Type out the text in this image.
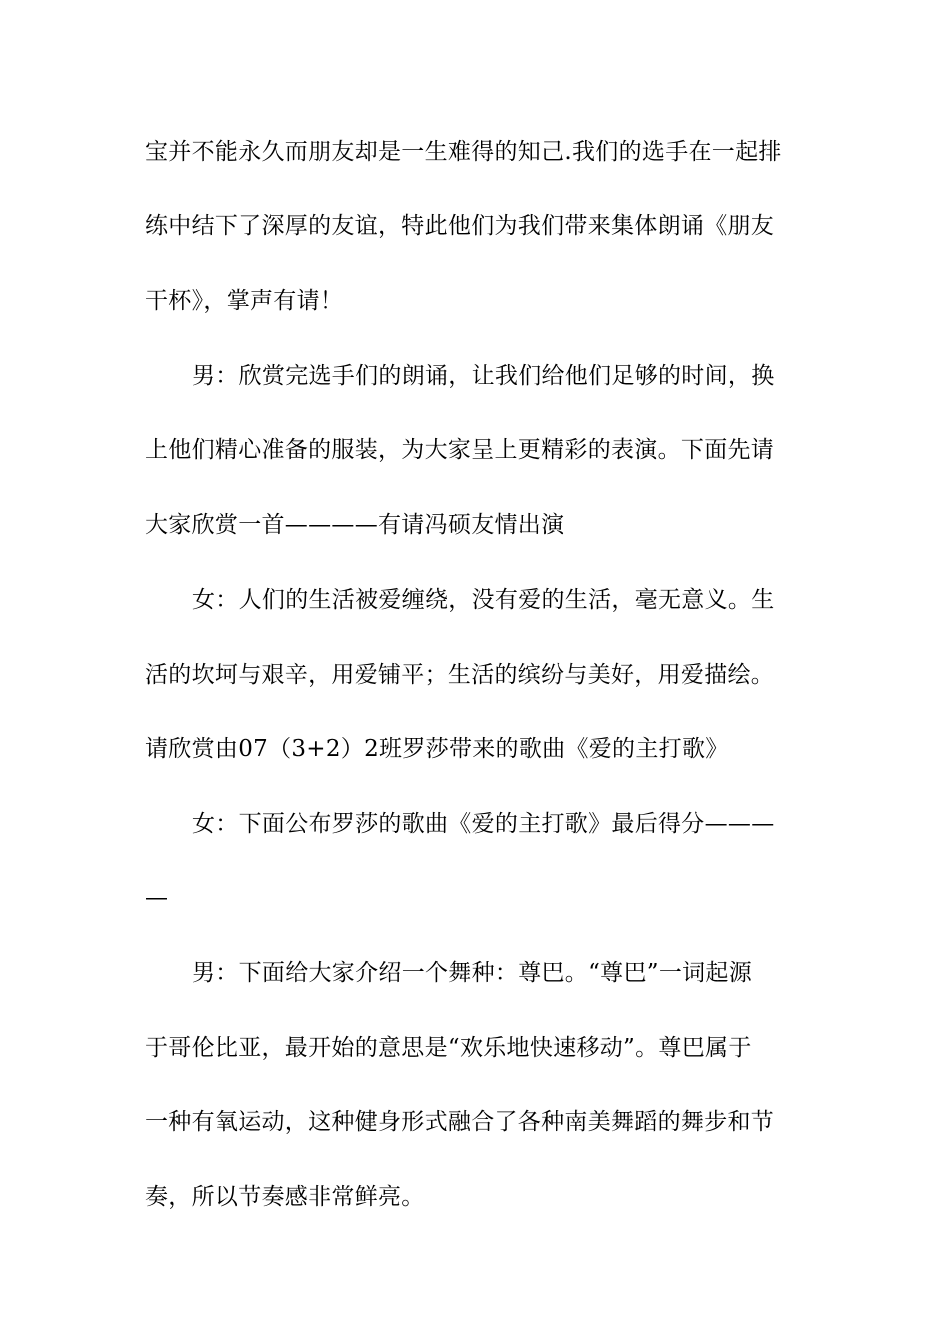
宝并不能永久而朋友却是一生难得的知己.我们的选手在一起排
练中结下了深厚的友谊，特此他们为我们带来集体朗诵《朋友
干杯》，掌声有请！
男：欣赏完选手们的朗诵，让我们给他们足够的时间，换
上他们精心准备的服装，为大家呈上更精彩的表演。下面先请
大家欣赏一首————有请冯硕友情出演
女：人们的生活被爱缠绕，没有爱的生活，毫无意义。生
活的坎坷与艰辛，用爱铺平；生活的缤纷与美好，用爱描绘。
请欣赏由07（3+2）2班罗莎带来的歌曲《爱的主打歌》
女：下面公布罗莎的歌曲《爱的主打歌》最后得分———
—
男：下面给大家介绍一个舞种：尊巴。“尊巴”一词起源
于哥伦比亚，最开始的意思是“欢乐地快速移动”。尊巴属于
一种有氧运动，这种健身形式融合了各种南美舞蹈的舞步和节
奏，所以节奏感非常鲜亮。
